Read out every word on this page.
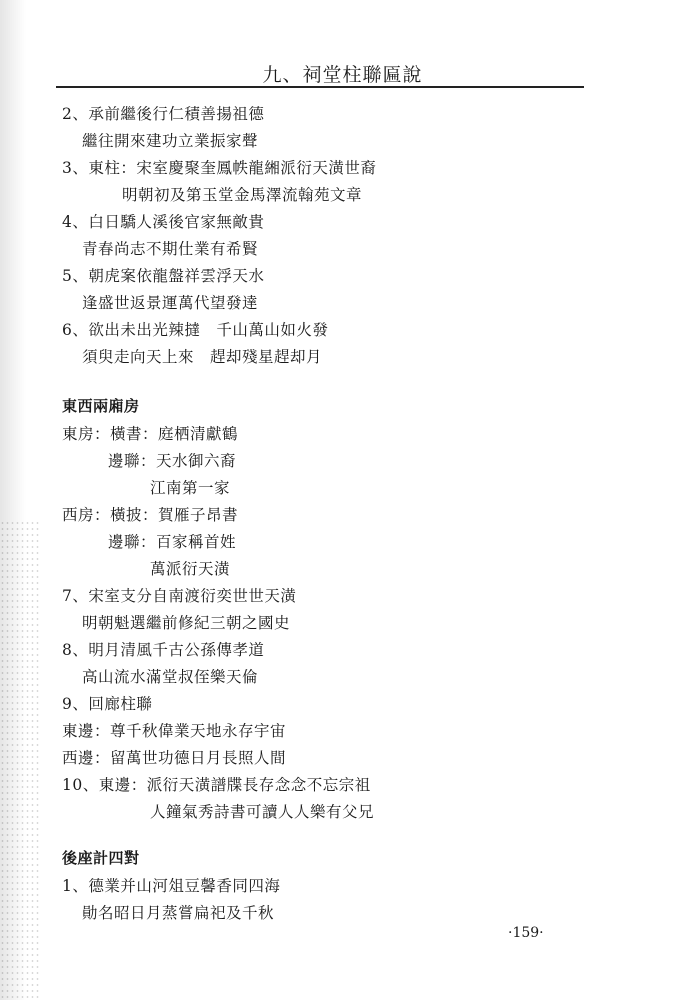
九、祠堂柱聯匾說
2、承前繼後行仁積善揚祖德
繼往開來建功立業振家聲
3、東柱：宋室慶聚奎鳳帙龍緗派衍天潢世裔
明朝初及第玉堂金馬澤流翰苑文章
4、白日驕人溪後官家無敵貴
青春尚志不期仕業有希賢
5、朝虎案依龍盤祥雲浮天水
逢盛世返景運萬代望發達
6、欲出未出光辣撻　千山萬山如火發
須臾走向天上來　趕却殘星趕却月
東西兩廂房
東房：橫書：庭栖清獻鶴
邊聯：天水御六裔
江南第一家
西房：橫披：賀雁子昂書
邊聯：百家稱首姓
萬派衍天潢
7、宋室支分自南渡衍奕世世天潢
明朝魁選繼前修紀三朝之國史
8、明月清風千古公孫傳孝道
高山流水滿堂叔侄樂天倫
9、回廊柱聯
東邊：尊千秋偉業天地永存宇宙
西邊：留萬世功德日月長照人間
10、東邊：派衍天潢譜牒長存念念不忘宗祖
人鐘氣秀詩書可讀人人樂有父兄
後座計四對
1、德業并山河俎豆馨香同四海
勛名昭日月蒸嘗扁祀及千秋
·159·
